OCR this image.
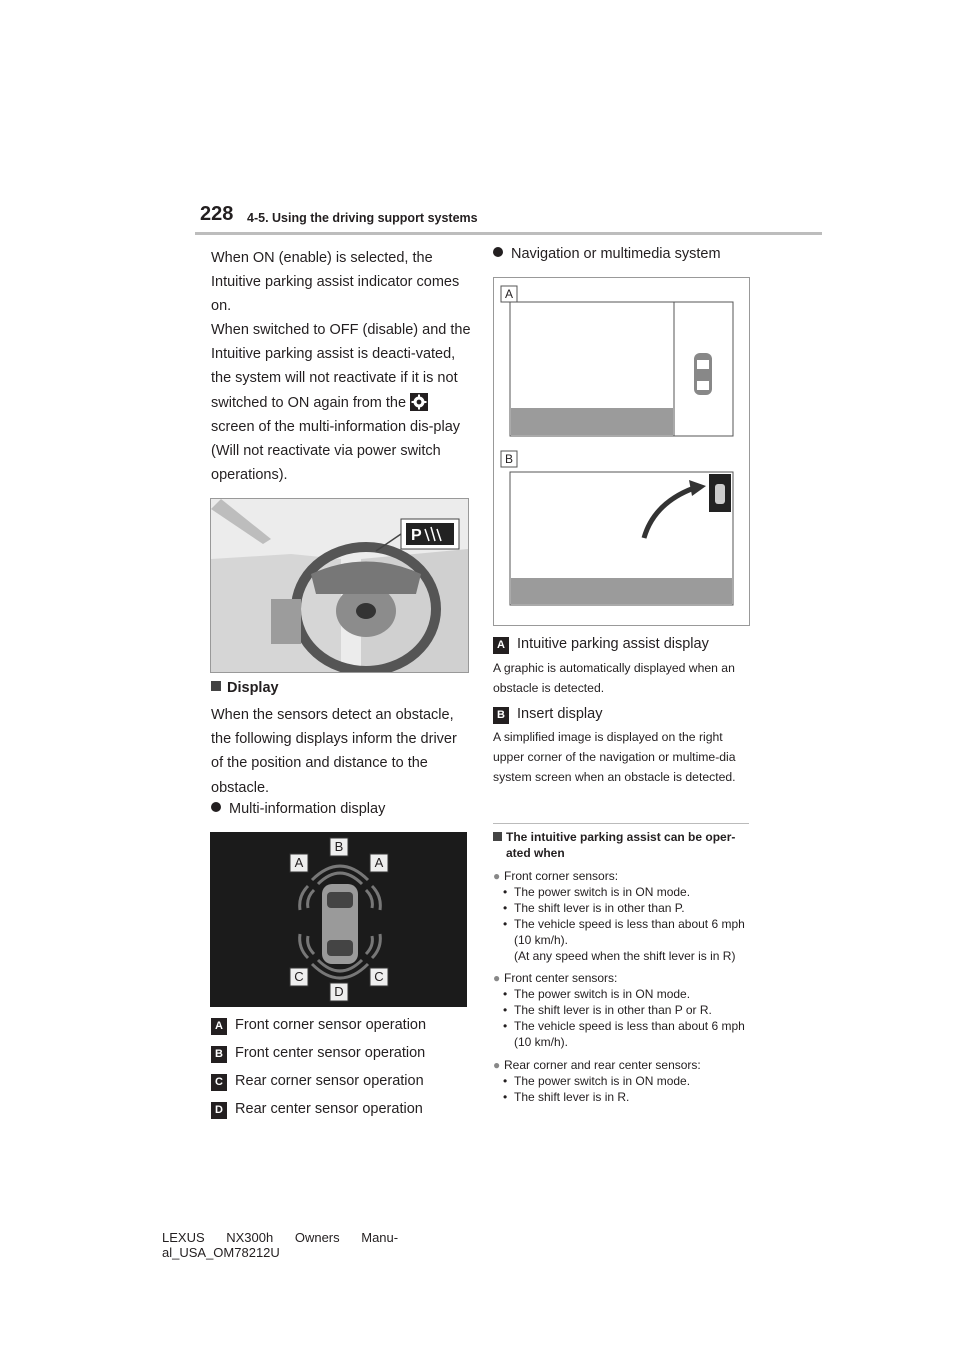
228 4-5. Using the driving support systems
When ON (enable) is selected, the Intuitive parking assist indicator comes on.
When switched to OFF (disable) and the Intuitive parking assist is deacti-vated, the system will not reactivate if it is not switched to ON again from the  screen of the multi-information dis-play (Will not reactivate via power switch operations).
P
Display
When the sensors detect an obstacle, the following displays inform the driver of the position and distance to the obstacle.
Multi-information display
B
A	A
C	C
D
A Front corner sensor operation
B Front center sensor operation
C Rear corner sensor operation
D Rear center sensor operation
Navigation or multimedia system
A
B
A Intuitive parking assist display
A graphic is automatically displayed when an obstacle is detected.
B Insert display
A simplified image is displayed on the right upper corner of the navigation or multime-dia system screen when an obstacle is detected.
The intuitive parking assist can be oper-ated when
● Front corner sensors:
• The power switch is in ON mode.
• The shift lever is in other than P.
• The vehicle speed is less than about 6 mph (10 km/h).
(At any speed when the shift lever is in R)
● Front center sensors:
• The power switch is in ON mode.
• The shift lever is in other than P or R.
• The vehicle speed is less than about 6 mph (10 km/h).
● Rear corner and rear center sensors:
• The power switch is in ON mode.
• The shift lever is in R.
LEXUS NX300h Owners Manu-
al_USA_OM78212U
